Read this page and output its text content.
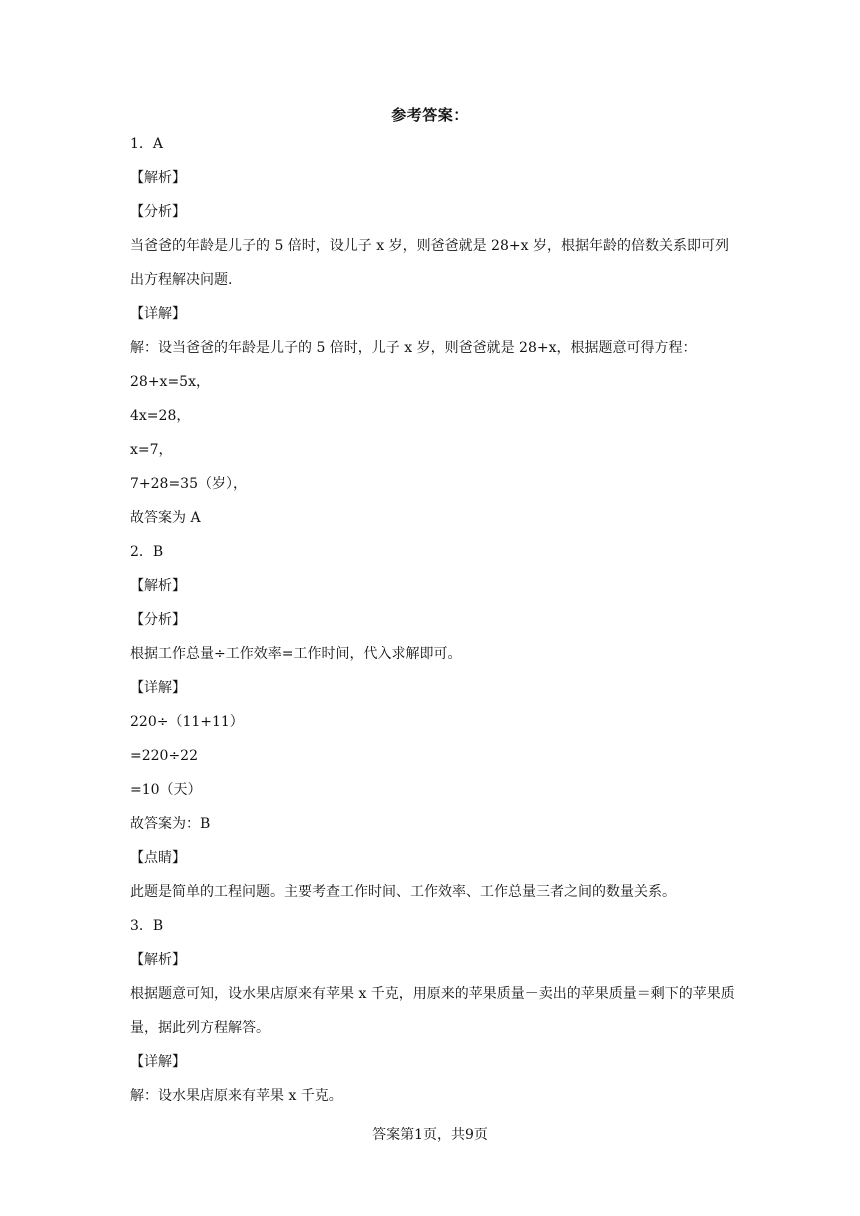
参考答案：

1．A

【解析】

【分析】

当爸爸的年龄是儿子的 5 倍时，设儿子 x 岁，则爸爸就是 28+x 岁，根据年龄的倍数关系即可列出方程解决问题.

【详解】

解：设当爸爸的年龄是儿子的 5 倍时，儿子 x 岁，则爸爸就是 28+x，根据题意可得方程：

28+x=5x，

4x=28，

x=7，

7+28=35（岁），

故答案为 A

2．B

【解析】

【分析】

根据工作总量÷工作效率=工作时间，代入求解即可。

【详解】

220÷（11+11）

=220÷22

=10（天）

故答案为：B

【点睛】

此题是简单的工程问题。主要考查工作时间、工作效率、工作总量三者之间的数量关系。

3．B

【解析】

根据题意可知，设水果店原来有苹果 x 千克，用原来的苹果质量－卖出的苹果质量＝剩下的苹果质量，据此列方程解答。

【详解】

解：设水果店原来有苹果 x 千克。

答案第1页，共9页
